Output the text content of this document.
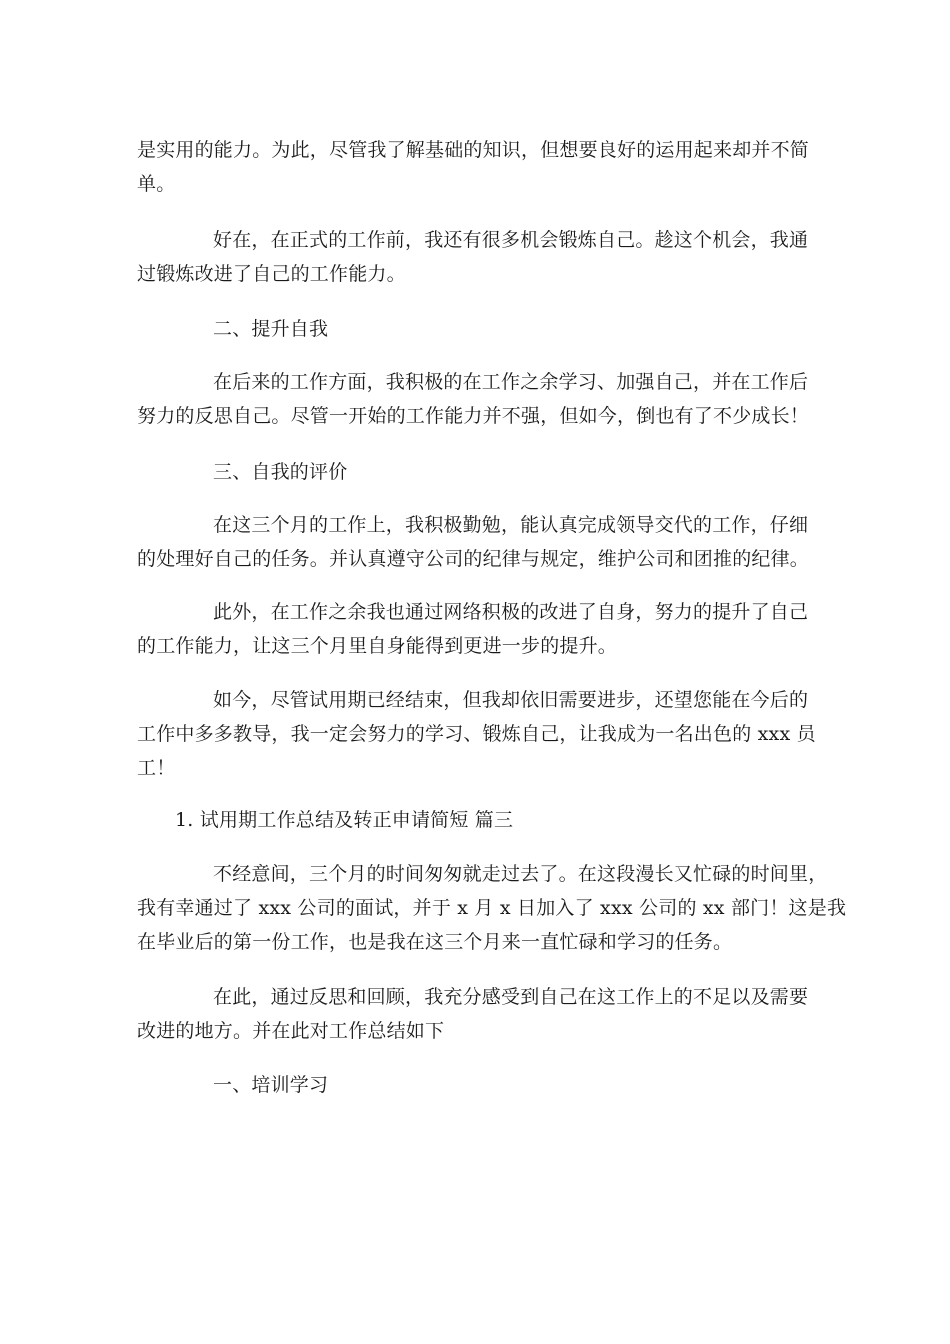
是实用的能力。为此，尽管我了解基础的知识，但想要良好的运用起来却并不简
单。
好在，在正式的工作前，我还有很多机会锻炼自己。趁这个机会，我通
过锻炼改进了自己的工作能力。
二、提升自我
在后来的工作方面，我积极的在工作之余学习、加强自己，并在工作后
努力的反思自己。尽管一开始的工作能力并不强，但如今，倒也有了不少成长！
三、自我的评价
在这三个月的工作上，我积极勤勉，能认真完成领导交代的工作，仔细
的处理好自己的任务。并认真遵守公司的纪律与规定，维护公司和团推的纪律。
此外，在工作之余我也通过网络积极的改进了自身，努力的提升了自己
的工作能力，让这三个月里自身能得到更进一步的提升。
如今，尽管试用期已经结束，但我却依旧需要进步，还望您能在今后的
工作中多多教导，我一定会努力的学习、锻炼自己，让我成为一名出色的 xxx 员
工！
1. 试用期工作总结及转正申请简短 篇三
不经意间，三个月的时间匆匆就走过去了。在这段漫长又忙碌的时间里，
我有幸通过了 xxx 公司的面试，并于 x 月 x 日加入了 xxx 公司的 xx 部门！这是我
在毕业后的第一份工作，也是我在这三个月来一直忙碌和学习的任务。
在此，通过反思和回顾，我充分感受到自己在这工作上的不足以及需要
改进的地方。并在此对工作总结如下
一、培训学习
